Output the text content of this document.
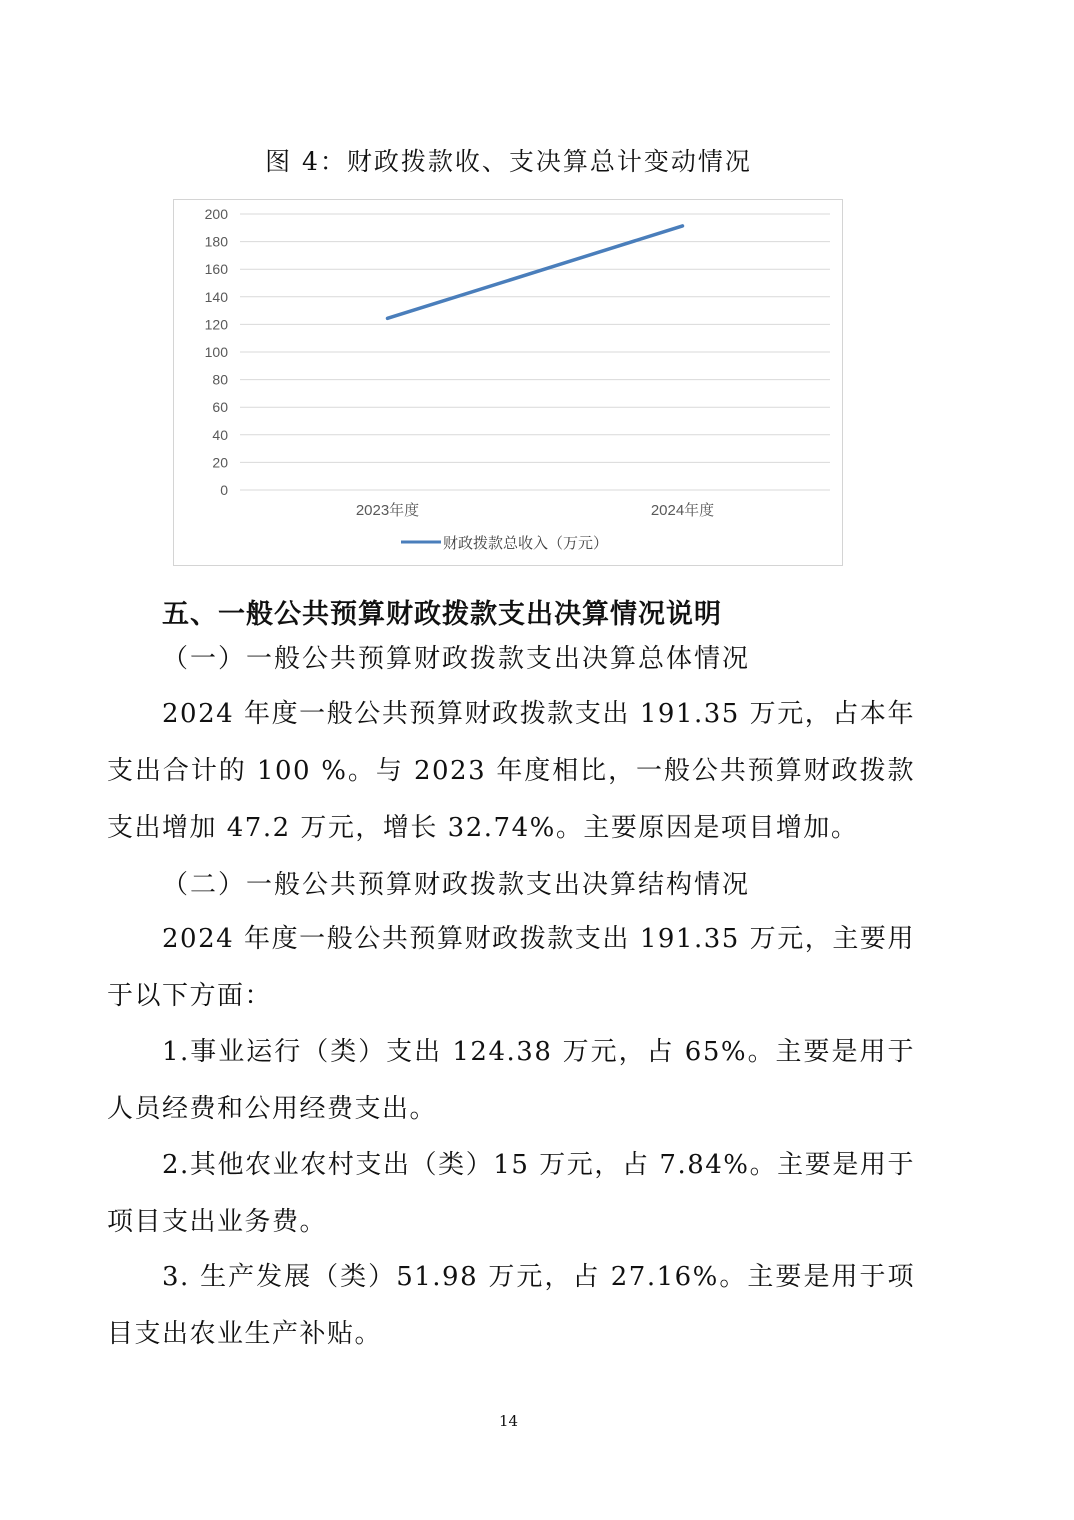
图 4：财政拨款收、支决算总计变动情况
0
20
40
60
80
100
120
140
160
180
200
2023年度	2024年度
财政拨款总收入（万元）
五、一般公共预算财政拨款支出决算情况说明
（一）一般公共预算财政拨款支出决算总体情况

2024 年度一般公共预算财政拨款支出 191.35 万元，占本年支出合计的 100 %。与 2023 年度相比，一般公共预算财政拨款支出增加 47.2 万元，增长 32.74%。主要原因是项目增加。

（二）一般公共预算财政拨款支出决算结构情况

2024 年度一般公共预算财政拨款支出 191.35 万元，主要用于以下方面：

1.事业运行（类）支出 124.38 万元，占 65%。主要是用于人员经费和公用经费支出。

2.其他农业农村支出（类）15 万元，占 7.84%。主要是用于项目支出业务费。

3. 生产发展（类）51.98 万元，占 27.16%。主要是用于项目支出农业生产补贴。

14
